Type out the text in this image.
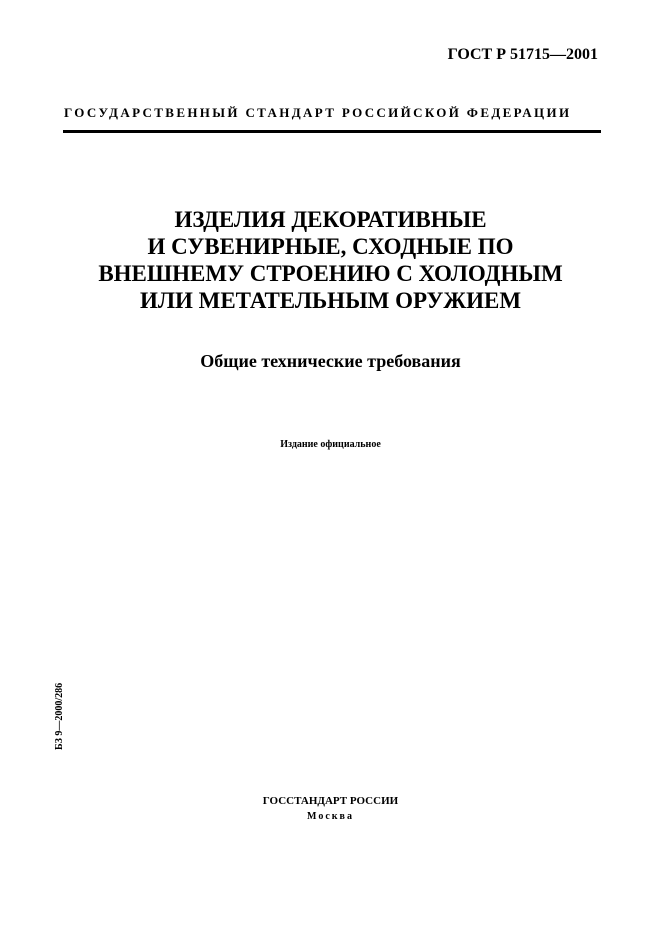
ГОСТ Р 51715—2001
ГОСУДАРСТВЕННЫЙ СТАНДАРТ РОССИЙСКОЙ ФЕДЕРАЦИИ
ИЗДЕЛИЯ ДЕКОРАТИВНЫЕ
И СУВЕНИРНЫЕ, СХОДНЫЕ ПО
ВНЕШНЕМУ СТРОЕНИЮ С ХОЛОДНЫМ
ИЛИ МЕТАТЕЛЬНЫМ ОРУЖИЕМ
Общие технические требования
Издание официальное
БЗ 9—2000/286
ГОССТАНДАРТ РОССИИ
Москва
